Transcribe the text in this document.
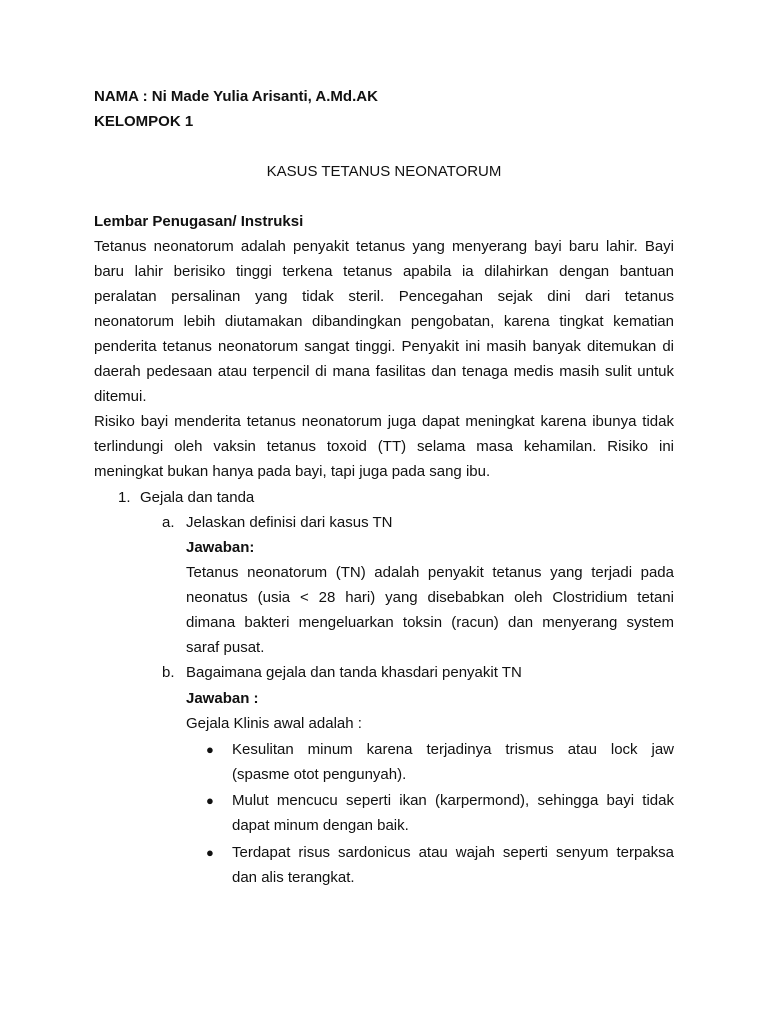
NAMA : Ni Made Yulia Arisanti, A.Md.AK
KELOMPOK 1
KASUS TETANUS NEONATORUM
Lembar Penugasan/ Instruksi
Tetanus neonatorum adalah penyakit tetanus yang menyerang bayi baru lahir. Bayi
baru lahir berisiko tinggi terkena tetanus apabila ia dilahirkan dengan bantuan
peralatan persalinan yang tidak steril. Pencegahan sejak dini dari tetanus
neonatorum lebih diutamakan dibandingkan pengobatan, karena tingkat kematian
penderita tetanus neonatorum sangat tinggi. Penyakit ini masih banyak ditemukan di
daerah pedesaan atau terpencil di mana fasilitas dan tenaga medis masih sulit untuk
ditemui.
Risiko bayi menderita tetanus neonatorum juga dapat meningkat karena ibunya tidak
terlindungi oleh vaksin tetanus toxoid (TT) selama masa kehamilan. Risiko ini
meningkat bukan hanya pada bayi, tapi juga pada sang ibu.
1. Gejala dan tanda
a. Jelaskan definisi dari kasus TN
Jawaban:
Tetanus neonatorum (TN) adalah penyakit tetanus yang terjadi pada
neonatus (usia < 28 hari) yang disebabkan oleh Clostridium tetani
dimana bakteri mengeluarkan toksin (racun) dan menyerang system
saraf pusat.
b. Bagaimana gejala dan tanda khasdari penyakit TN
Jawaban :
Gejala Klinis awal adalah :
● Kesulitan minum karena terjadinya trismus atau lock jaw
(spasme otot pengunyah).
● Mulut mencucu seperti ikan (karpermond), sehingga bayi tidak
dapat minum dengan baik.
● Terdapat risus sardonicus atau wajah seperti senyum terpaksa
dan alis terangkat.
